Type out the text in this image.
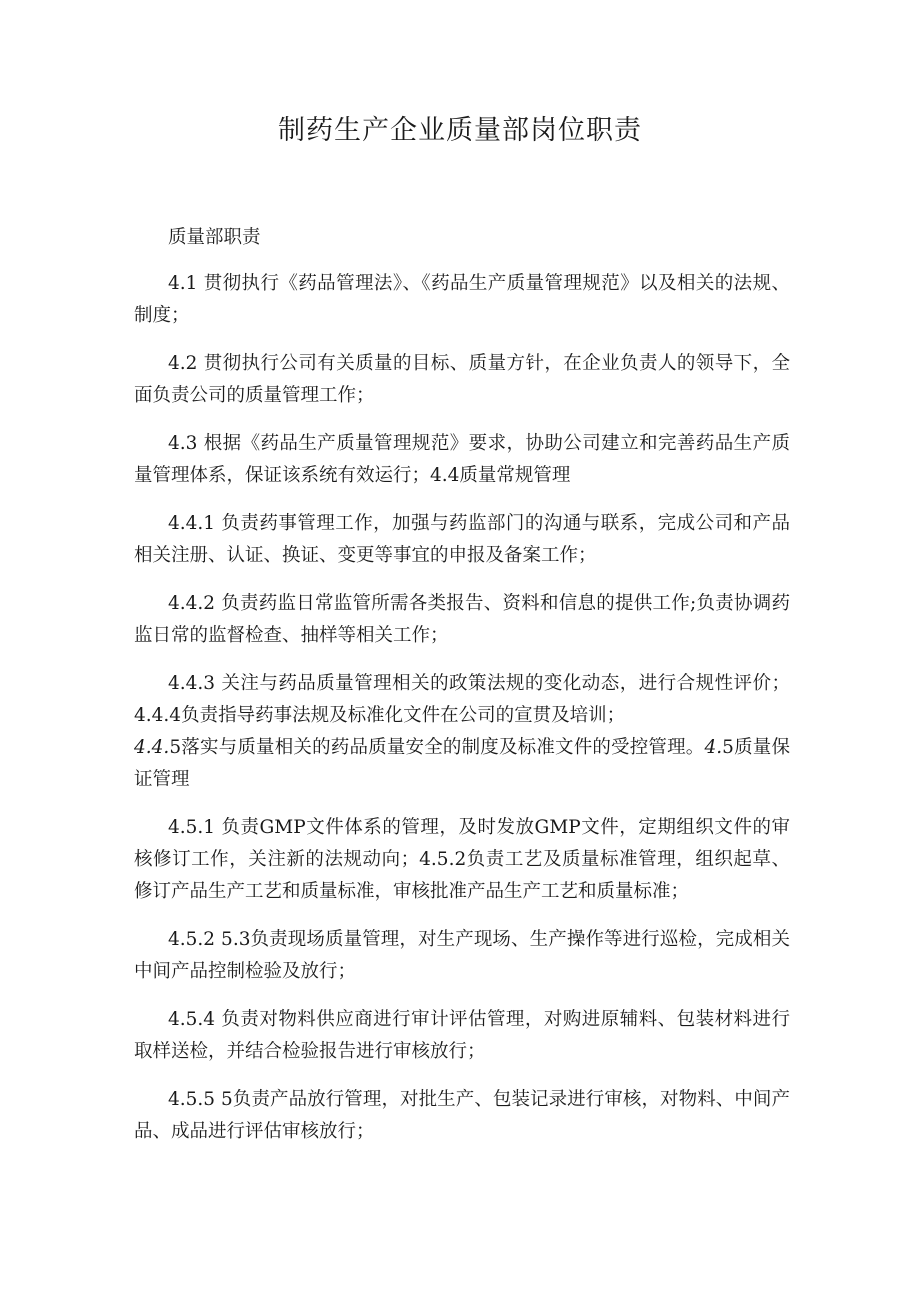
制药生产企业质量部岗位职责

质量部职责

4.1 贯彻执行《药品管理法》、《药品生产质量管理规范》以及相关的法规、制度；

4.2 贯彻执行公司有关质量的目标、质量方针，在企业负责人的领导下，全面负责公司的质量管理工作；

4.3 根据《药品生产质量管理规范》要求，协助公司建立和完善药品生产质量管理体系，保证该系统有效运行；4.4质量常规管理

4.4.1 负责药事管理工作，加强与药监部门的沟通与联系，完成公司和产品相关注册、认证、换证、变更等事宜的申报及备案工作；

4.4.2 负责药监日常监管所需各类报告、资料和信息的提供工作;负责协调药监日常的监督检查、抽样等相关工作；

4.4.3 关注与药品质量管理相关的政策法规的变化动态，进行合规性评价；4.4.4负责指导药事法规及标准化文件在公司的宣贯及培训；

4.4.5落实与质量相关的药品质量安全的制度及标准文件的受控管理。4.5质量保证管理

4.5.1 负责GMP文件体系的管理，及时发放GMP文件，定期组织文件的审核修订工作，关注新的法规动向；4.5.2负责工艺及质量标准管理，组织起草、修订产品生产工艺和质量标准，审核批准产品生产工艺和质量标准；

4.5.2 5.3负责现场质量管理，对生产现场、生产操作等进行巡检，完成相关中间产品控制检验及放行；

4.5.4 负责对物料供应商进行审计评估管理，对购进原辅料、包装材料进行取样送检，并结合检验报告进行审核放行；

4.5.5 5负责产品放行管理，对批生产、包装记录进行审核，对物料、中间产品、成品进行评估审核放行；
